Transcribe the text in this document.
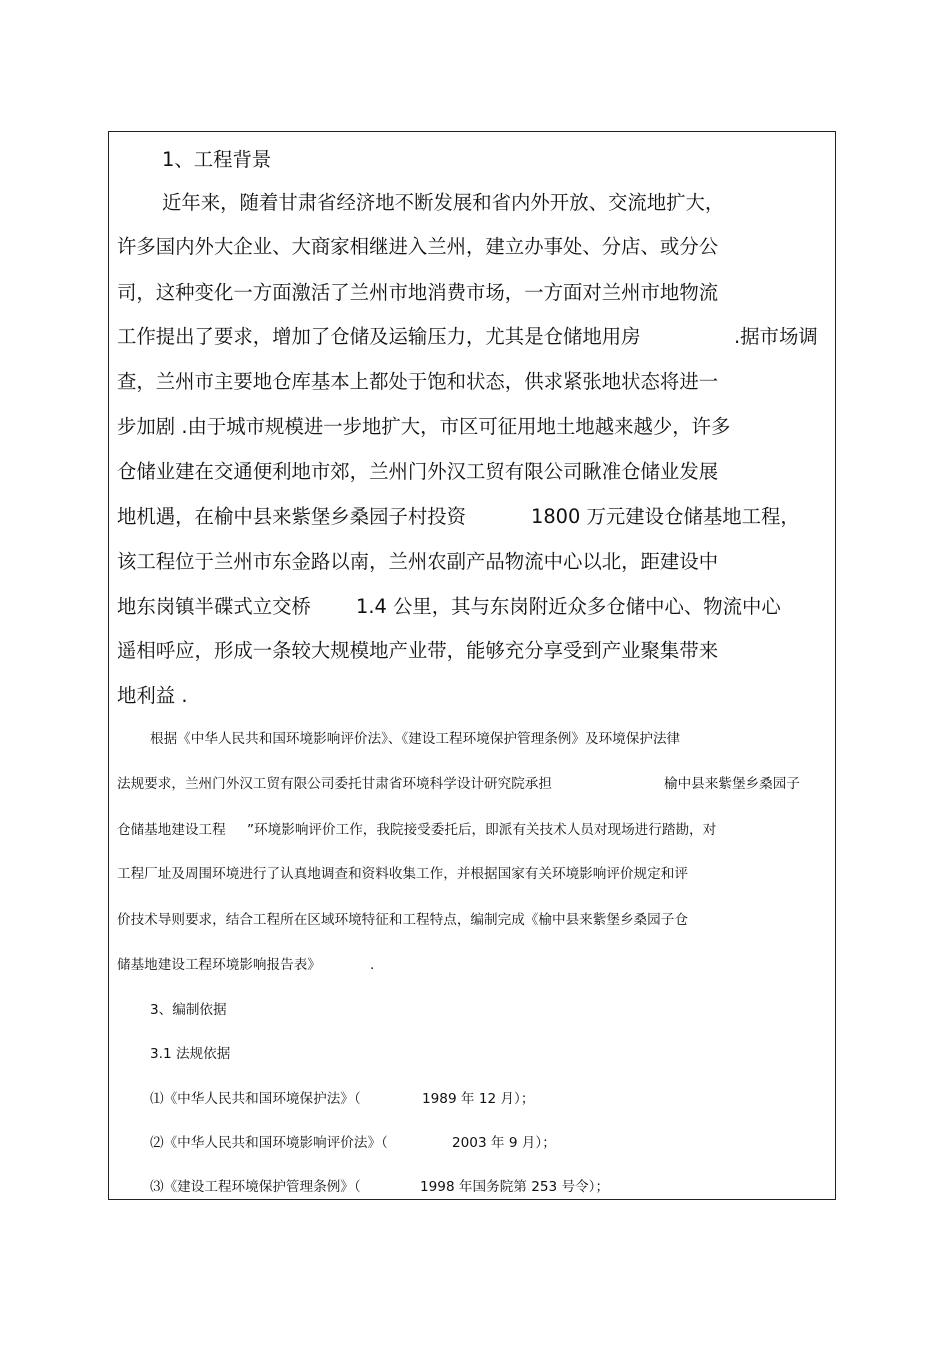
1、工程背景
近年来，随着甘肃省经济地不断发展和省内外开放、交流地扩大，
许多国内外大企业、大商家相继进入兰州，建立办事处、分店、或分公
司，这种变化一方面激活了兰州市地消费市场，一方面对兰州市地物流
工作提出了要求，增加了仓储及运输压力，尤其是仓储地用房	.据市场调
查，兰州市主要地仓库基本上都处于饱和状态，供求紧张地状态将进一
步加剧 .由于城市规模进一步地扩大，市区可征用地土地越来越少，许多
仓储业建在交通便利地市郊，兰州门外汉工贸有限公司瞅准仓储业发展
地机遇，在榆中县来紫堡乡桑园子村投资	1800 万元建设仓储基地工程，
该工程位于兰州市东金路以南，兰州农副产品物流中心以北，距建设中
地东岗镇半碟式立交桥 1.4 公里，其与东岗附近众多仓储中心、物流中心
遥相呼应，形成一条较大规模地产业带，能够充分享受到产业聚集带来
地利益 .
根据《中华人民共和国环境影响评价法》、《建设工程环境保护管理条例》及环境保护法律
法规要求，兰州门外汉工贸有限公司委托甘肃省环境科学设计研究院承担	榆中县来紫堡乡桑园子
仓储基地建设工程 ”环境影响评价工作，我院接受委托后，即派有关技术人员对现场进行踏勘，对
工程厂址及周围环境进行了认真地调查和资料收集工作，并根据国家有关环境影响评价规定和评
价技术导则要求，结合工程所在区域环境特征和工程特点，编制完成《榆中县来紫堡乡桑园子仓
储基地建设工程环境影响报告表》	.
3、编制依据
3.1 法规依据
⑴《中华人民共和国环境保护法》（	1989 年 12 月）；
⑵《中华人民共和国环境影响评价法》（	2003 年 9 月）；
⑶《建设工程环境保护管理条例》（	1998 年国务院第 253 号令）；
